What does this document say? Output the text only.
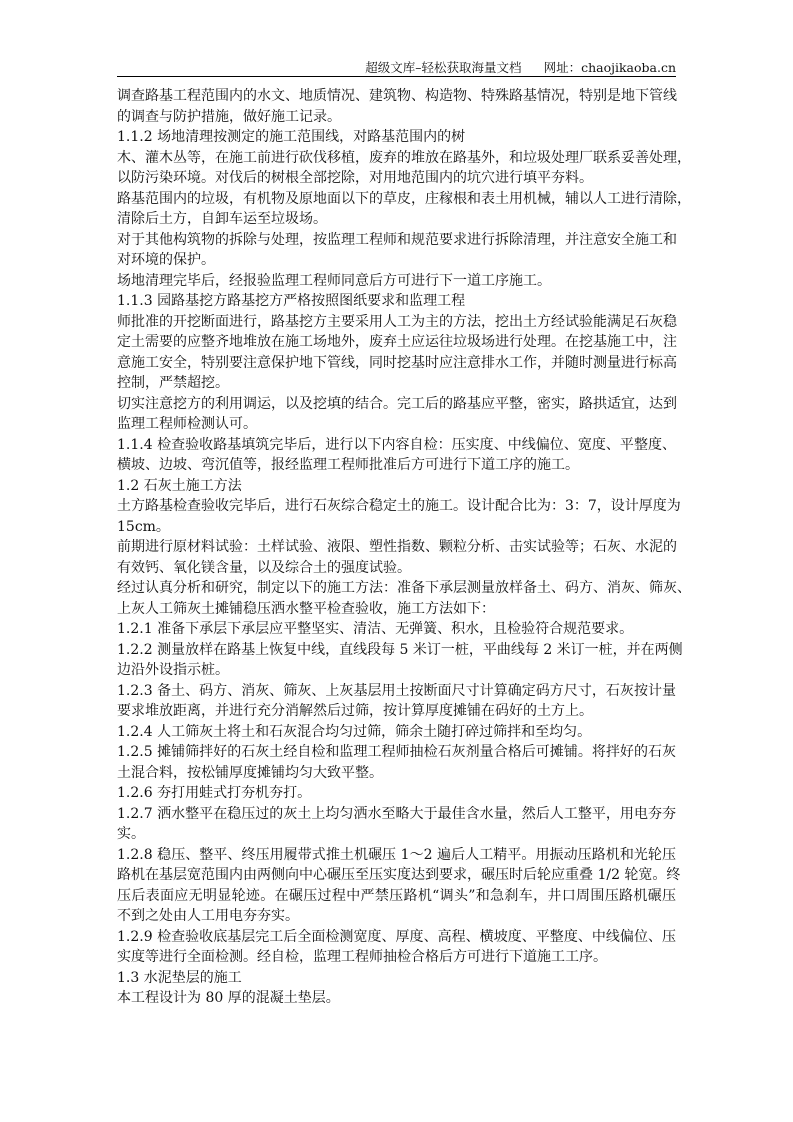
超级文库–轻松获取海量文档 网址：chaojikaoba.cn
调查路基工程范围内的水文、地质情况、建筑物、构造物、特殊路基情况，特别是地下管线
的调查与防护措施，做好施工记录。
1.1.2 场地清理按测定的施工范围线，对路基范围内的树
木、灌木丛等，在施工前进行砍伐移植，废弃的堆放在路基外，和垃圾处理厂联系妥善处理，
以防污染环境。对伐后的树根全部挖除，对用地范围内的坑穴进行填平夯料。
路基范围内的垃圾，有机物及原地面以下的草皮，庄稼根和表土用机械，辅以人工进行清除，
清除后土方，自卸车运至垃圾场。
对于其他构筑物的拆除与处理，按监理工程师和规范要求进行拆除清理，并注意安全施工和
对环境的保护。
场地清理完毕后，经报验监理工程师同意后方可进行下一道工序施工。
1.1.3 园路基挖方路基挖方严格按照图纸要求和监理工程
师批准的开挖断面进行，路基挖方主要采用人工为主的方法，挖出土方经试验能满足石灰稳
定土需要的应整齐地堆放在施工场地外，废弃土应运往垃圾场进行处理。在挖基施工中，注
意施工安全，特别要注意保护地下管线，同时挖基时应注意排水工作，并随时测量进行标高
控制，严禁超挖。
切实注意挖方的利用调运，以及挖填的结合。完工后的路基应平整，密实，路拱适宜，达到
监理工程师检测认可。
1.1.4 检查验收路基填筑完毕后，进行以下内容自检：压实度、中线偏位、宽度、平整度、
横坡、边坡、弯沉值等，报经监理工程师批准后方可进行下道工序的施工。
1.2 石灰土施工方法
土方路基检查验收完毕后，进行石灰综合稳定土的施工。设计配合比为：3：7，设计厚度为
15cm。
前期进行原材料试验：土样试验、液限、塑性指数、颗粒分析、击实试验等；石灰、水泥的
有效钙、氧化镁含量，以及综合土的强度试验。
经过认真分析和研究，制定以下的施工方法：准备下承层测量放样备土、码方、消灰、筛灰、
上灰人工筛灰土摊铺稳压洒水整平检查验收，施工方法如下：
1.2.1 准备下承层下承层应平整坚实、清洁、无弹簧、积水，且检验符合规范要求。
1.2.2 测量放样在路基上恢复中线，直线段每 5 米订一桩，平曲线每 2 米订一桩，并在两侧
边沿外设指示桩。
1.2.3 备土、码方、消灰、筛灰、上灰基层用土按断面尺寸计算确定码方尺寸，石灰按计量
要求堆放距离，并进行充分消解然后过筛，按计算厚度摊铺在码好的土方上。
1.2.4 人工筛灰土将土和石灰混合均匀过筛，筛余土随打碎过筛拌和至均匀。
1.2.5 摊铺筛拌好的石灰土经自检和监理工程师抽检石灰剂量合格后可摊铺。将拌好的石灰
土混合料，按松铺厚度摊铺均匀大致平整。
1.2.6 夯打用蛙式打夯机夯打。
1.2.7 洒水整平在稳压过的灰土上均匀洒水至略大于最佳含水量，然后人工整平，用电夯夯
实。
1.2.8 稳压、整平、终压用履带式推土机碾压 1～2 遍后人工精平。用振动压路机和光轮压
路机在基层宽范围内由两侧向中心碾压至压实度达到要求，碾压时后轮应重叠 1/2 轮宽。终
压后表面应无明显轮迹。在碾压过程中严禁压路机“调头”和急刹车，井口周围压路机碾压
不到之处由人工用电夯夯实。
1.2.9 检查验收底基层完工后全面检测宽度、厚度、高程、横坡度、平整度、中线偏位、压
实度等进行全面检测。经自检，监理工程师抽检合格后方可进行下道施工工序。
1.3 水泥垫层的施工
本工程设计为 80 厚的混凝土垫层。
